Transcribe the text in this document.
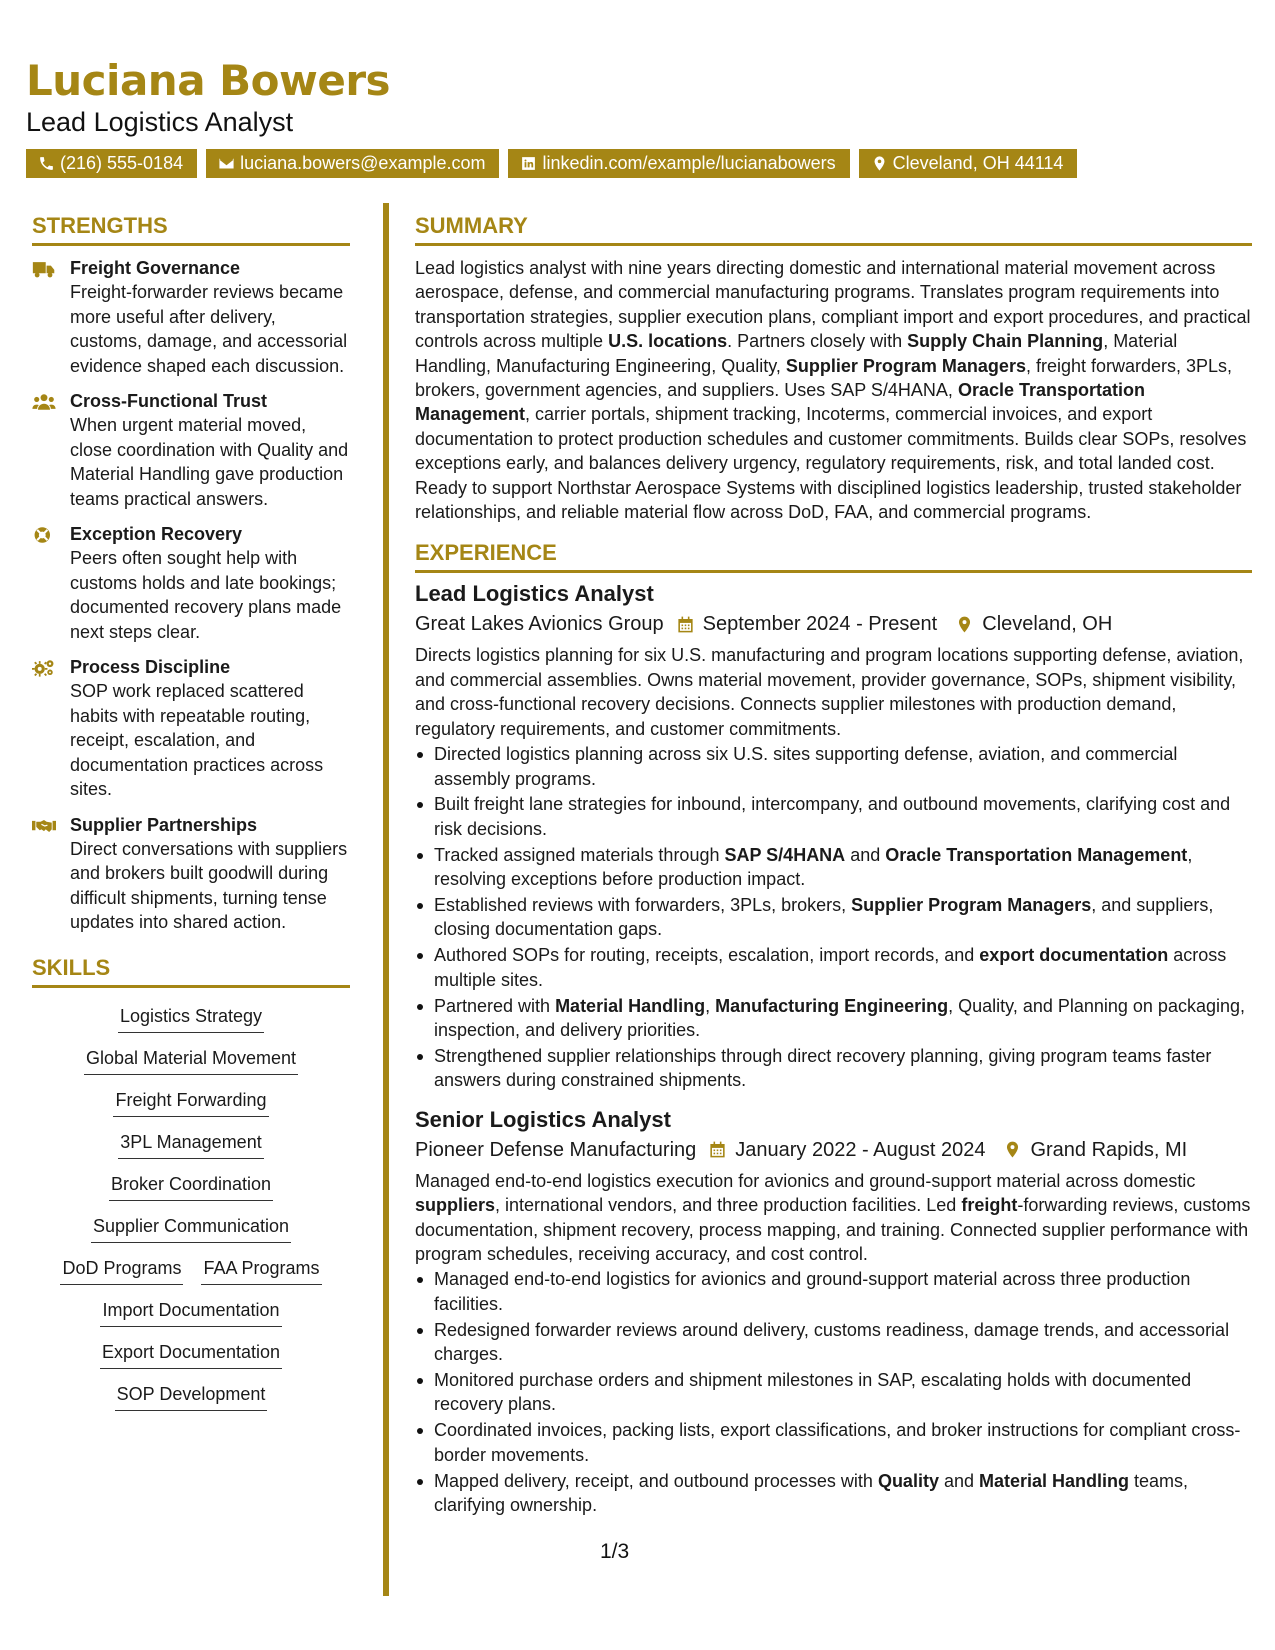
Luciana Bowers
Lead Logistics Analyst
(216) 555-0184	luciana.bowers@example.com	linkedin.com/example/lucianabowers	Cleveland, OH 44114
STRENGTHS
Freight Governance
Freight-forwarder reviews became more useful after delivery, customs, damage, and accessorial evidence shaped each discussion.
Cross-Functional Trust
When urgent material moved, close coordination with Quality and Material Handling gave production teams practical answers.
Exception Recovery
Peers often sought help with customs holds and late bookings; documented recovery plans made next steps clear.
Process Discipline
SOP work replaced scattered habits with repeatable routing, receipt, escalation, and documentation practices across sites.
Supplier Partnerships
Direct conversations with suppliers and brokers built goodwill during difficult shipments, turning tense updates into shared action.
SKILLS
Logistics Strategy
Global Material Movement
Freight Forwarding
3PL Management
Broker Coordination
Supplier Communication
DoD Programs FAA Programs
Import Documentation
Export Documentation
SOP Development
SUMMARY
Lead logistics analyst with nine years directing domestic and international material movement across aerospace, defense, and commercial manufacturing programs. Translates program requirements into transportation strategies, supplier execution plans, compliant import and export procedures, and practical controls across multiple U.S. locations. Partners closely with Supply Chain Planning, Material Handling, Manufacturing Engineering, Quality, Supplier Program Managers, freight forwarders, 3PLs, brokers, government agencies, and suppliers. Uses SAP S/4HANA, Oracle Transportation Management, carrier portals, shipment tracking, Incoterms, commercial invoices, and export documentation to protect production schedules and customer commitments. Builds clear SOPs, resolves exceptions early, and balances delivery urgency, regulatory requirements, risk, and total landed cost. Ready to support Northstar Aerospace Systems with disciplined logistics leadership, trusted stakeholder relationships, and reliable material flow across DoD, FAA, and commercial programs.
EXPERIENCE
Lead Logistics Analyst
Great Lakes Avionics Group September 2024 - Present Cleveland, OH
Directs logistics planning for six U.S. manufacturing and program locations supporting defense, aviation, and commercial assemblies. Owns material movement, provider governance, SOPs, shipment visibility, and cross-functional recovery decisions. Connects supplier milestones with production demand, regulatory requirements, and customer commitments.
Directed logistics planning across six U.S. sites supporting defense, aviation, and commercial assembly programs.
Built freight lane strategies for inbound, intercompany, and outbound movements, clarifying cost and risk decisions.
Tracked assigned materials through SAP S/4HANA and Oracle Transportation Management, resolving exceptions before production impact.
Established reviews with forwarders, 3PLs, brokers, Supplier Program Managers, and suppliers, closing documentation gaps.
Authored SOPs for routing, receipts, escalation, import records, and export documentation across multiple sites.
Partnered with Material Handling, Manufacturing Engineering, Quality, and Planning on packaging, inspection, and delivery priorities.
Strengthened supplier relationships through direct recovery planning, giving program teams faster answers during constrained shipments.
Senior Logistics Analyst
Pioneer Defense Manufacturing January 2022 - August 2024 Grand Rapids, MI
Managed end-to-end logistics execution for avionics and ground-support material across domestic suppliers, international vendors, and three production facilities. Led freight-forwarding reviews, customs documentation, shipment recovery, process mapping, and training. Connected supplier performance with program schedules, receiving accuracy, and cost control.
Managed end-to-end logistics for avionics and ground-support material across three production facilities.
Redesigned forwarder reviews around delivery, customs readiness, damage trends, and accessorial charges.
Monitored purchase orders and shipment milestones in SAP, escalating holds with documented recovery plans.
Coordinated invoices, packing lists, export classifications, and broker instructions for compliant cross-border movements.
Mapped delivery, receipt, and outbound processes with Quality and Material Handling teams, clarifying ownership.
1/3
